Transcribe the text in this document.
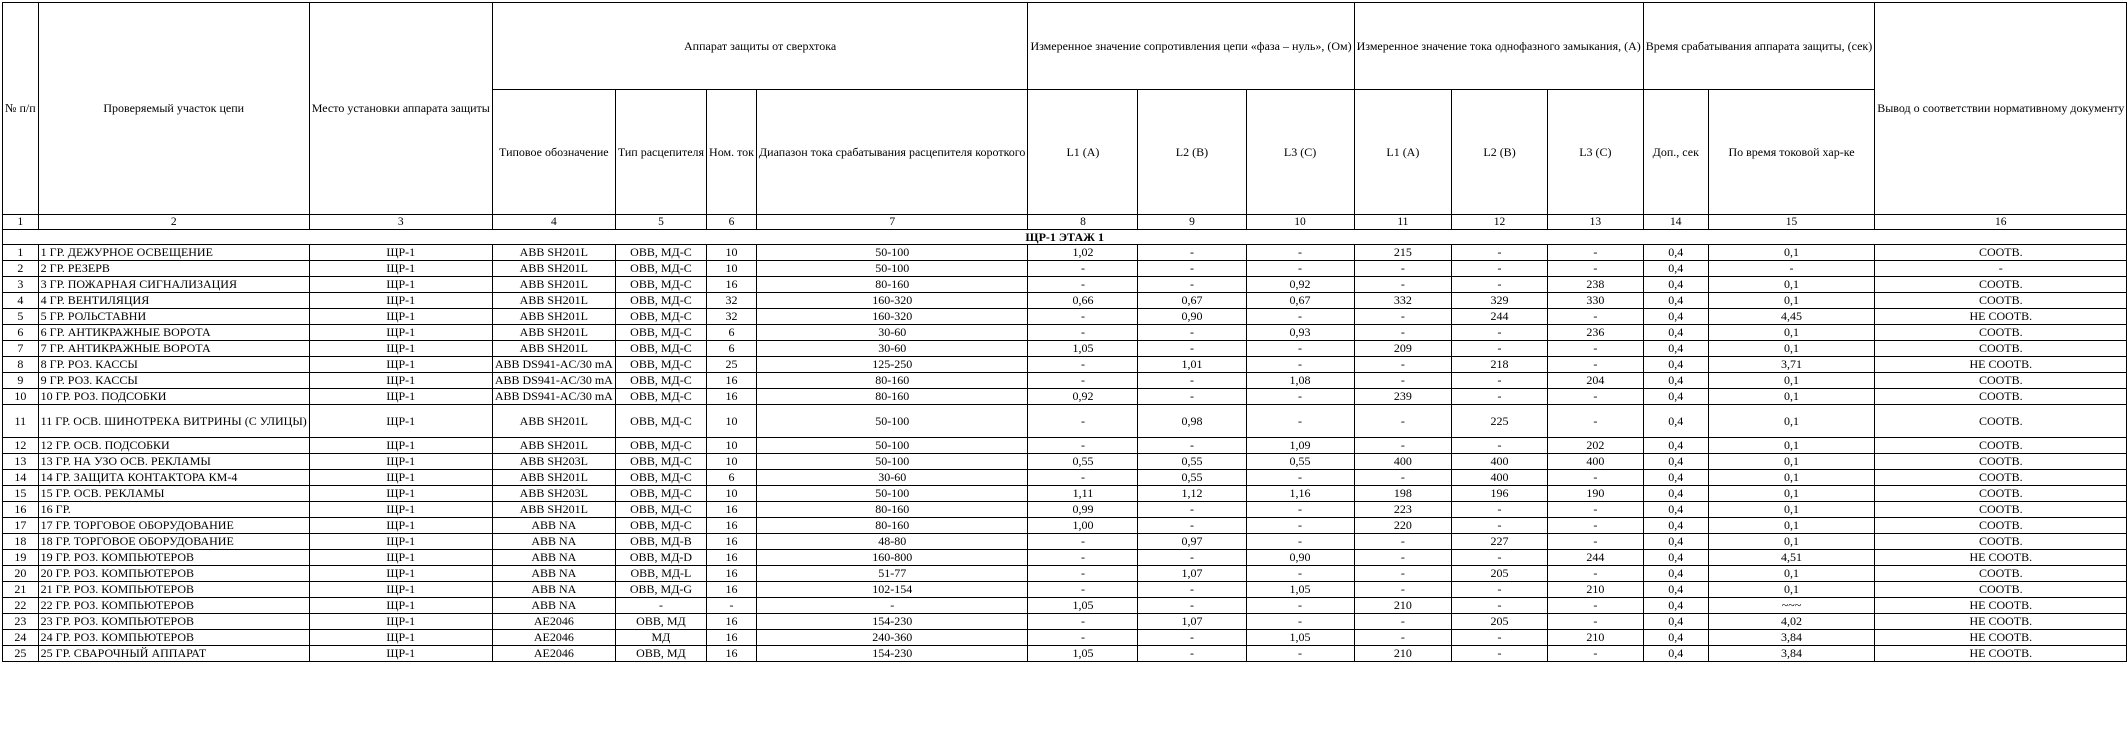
№ п/п	Проверяемый участок цепи	Место установки аппарата защиты	Аппарат защиты от сверхтока				Измеренное значение сопротивления цепи «фаза – нуль», (Ом)			Измеренное значение тока однофазного замыкания, (А)			Время срабатывания аппарата защиты, (сек)		Вывод о соответствии нормативному документу
			Типовое обозначение	Тип расцепителя	Ном. ток	Диапазон тока срабатывания расцепителя короткого	L1 (A)	L2 (B)	L3 (C)	L1 (A)	L2 (B)	L3 (C)	Доп., сек	По время токовой хар-ке	
1	2	3	4	5	6	7	8	9	10	11	12	13	14	15	16
ЩР-1 ЭТАЖ 1															
1	1 ГР. ДЕЖУРНОЕ ОСВЕЩЕНИЕ	ЩР-1	ABB SH201L	ОВВ, МД-С	10	50-100	1,02	-	-	215	-	-	0,4	0,1	СООТВ.
2	2 ГР. РЕЗЕРВ	ЩР-1	ABB SH201L	ОВВ, МД-С	10	50-100	-	-	-	-	-	-	0,4	-	-
3	3 ГР. ПОЖАРНАЯ СИГНАЛИЗАЦИЯ	ЩР-1	ABB SH201L	ОВВ, МД-С	16	80-160	-	-	0,92	-	-	238	0,4	0,1	СООТВ.
4	4 ГР. ВЕНТИЛЯЦИЯ	ЩР-1	ABB SH201L	ОВВ, МД-С	32	160-320	0,66	0,67	0,67	332	329	330	0,4	0,1	СООТВ.
5	5 ГР. РОЛЬСТАВНИ	ЩР-1	ABB SH201L	ОВВ, МД-С	32	160-320	-	0,90	-	-	244	-	0,4	4,45	НЕ СООТВ.
6	6 ГР. АНТИКРАЖНЫЕ ВОРОТА	ЩР-1	ABB SH201L	ОВВ, МД-С	6	30-60	-	-	0,93	-	-	236	0,4	0,1	СООТВ.
7	7 ГР. АНТИКРАЖНЫЕ ВОРОТА	ЩР-1	ABB SH201L	ОВВ, МД-С	6	30-60	1,05	-	-	209	-	-	0,4	0,1	СООТВ.
8	8 ГР. РОЗ. КАССЫ	ЩР-1	ABB DS941-AC/30 mA	ОВВ, МД-С	25	125-250	-	1,01	-	-	218	-	0,4	3,71	НЕ СООТВ.
9	9 ГР. РОЗ. КАССЫ	ЩР-1	ABB DS941-AC/30 mA	ОВВ, МД-С	16	80-160	-	-	1,08	-	-	204	0,4	0,1	СООТВ.
10	10 ГР. РОЗ. ПОДСОБКИ	ЩР-1	ABB DS941-AC/30 mA	ОВВ, МД-С	16	80-160	0,92	-	-	239	-	-	0,4	0,1	СООТВ.
11	11 ГР. ОСВ. ШИНОТРЕКА ВИТРИНЫ (С УЛИЦЫ)	ЩР-1	ABB SH201L	ОВВ, МД-С	10	50-100	-	0,98	-	-	225	-	0,4	0,1	СООТВ.
12	12 ГР. ОСВ. ПОДСОБКИ	ЩР-1	ABB SH201L	ОВВ, МД-С	10	50-100	-	-	1,09	-	-	202	0,4	0,1	СООТВ.
13	13 ГР. НА УЗО ОСВ. РЕКЛАМЫ	ЩР-1	ABB SH203L	ОВВ, МД-С	10	50-100	0,55	0,55	0,55	400	400	400	0,4	0,1	СООТВ.
14	14 ГР. ЗАЩИТА КОНТАКТОРА КМ-4	ЩР-1	ABB SH201L	ОВВ, МД-С	6	30-60	-	0,55	-	-	400	-	0,4	0,1	СООТВ.
15	15 ГР. ОСВ. РЕКЛАМЫ	ЩР-1	ABB SH203L	ОВВ, МД-С	10	50-100	1,11	1,12	1,16	198	196	190	0,4	0,1	СООТВ.
16	16 ГР.	ЩР-1	ABB SH201L	ОВВ, МД-С	16	80-160	0,99	-	-	223	-	-	0,4	0,1	СООТВ.
17	17 ГР. ТОРГОВОЕ ОБОРУДОВАНИЕ	ЩР-1	ABB NA	ОВВ, МД-С	16	80-160	1,00	-	-	220	-	-	0,4	0,1	СООТВ.
18	18 ГР. ТОРГОВОЕ ОБОРУДОВАНИЕ	ЩР-1	ABB NA	ОВВ, МД-В	16	48-80	-	0,97	-	-	227	-	0,4	0,1	СООТВ.
19	19 ГР. РОЗ. КОМПЬЮТЕРОВ	ЩР-1	ABB NA	ОВВ, МД-D	16	160-800	-	-	0,90	-	-	244	0,4	4,51	НЕ СООТВ.
20	20 ГР. РОЗ. КОМПЬЮТЕРОВ	ЩР-1	ABB NA	ОВВ, МД-L	16	51-77	-	1,07	-	-	205	-	0,4	0,1	СООТВ.
21	21 ГР. РОЗ. КОМПЬЮТЕРОВ	ЩР-1	ABB NA	ОВВ, МД-G	16	102-154	-	-	1,05	-	-	210	0,4	0,1	СООТВ.
22	22 ГР. РОЗ. КОМПЬЮТЕРОВ	ЩР-1	ABB NA	-	-	-	1,05	-	-	210	-	-	0,4	~~~	НЕ СООТВ.
23	23 ГР. РОЗ. КОМПЬЮТЕРОВ	ЩР-1	АЕ2046	ОВВ, МД	16	154-230	-	1,07	-	-	205	-	0,4	4,02	НЕ СООТВ.
24	24 ГР. РОЗ. КОМПЬЮТЕРОВ	ЩР-1	АЕ2046	МД	16	240-360	-	-	1,05	-	-	210	0,4	3,84	НЕ СООТВ.
25	25 ГР. СВАРОЧНЫЙ АППАРАТ	ЩР-1	АЕ2046	ОВВ, МД	16	154-230	1,05	-	-	210	-	-	0,4	3,84	НЕ СООТВ.
